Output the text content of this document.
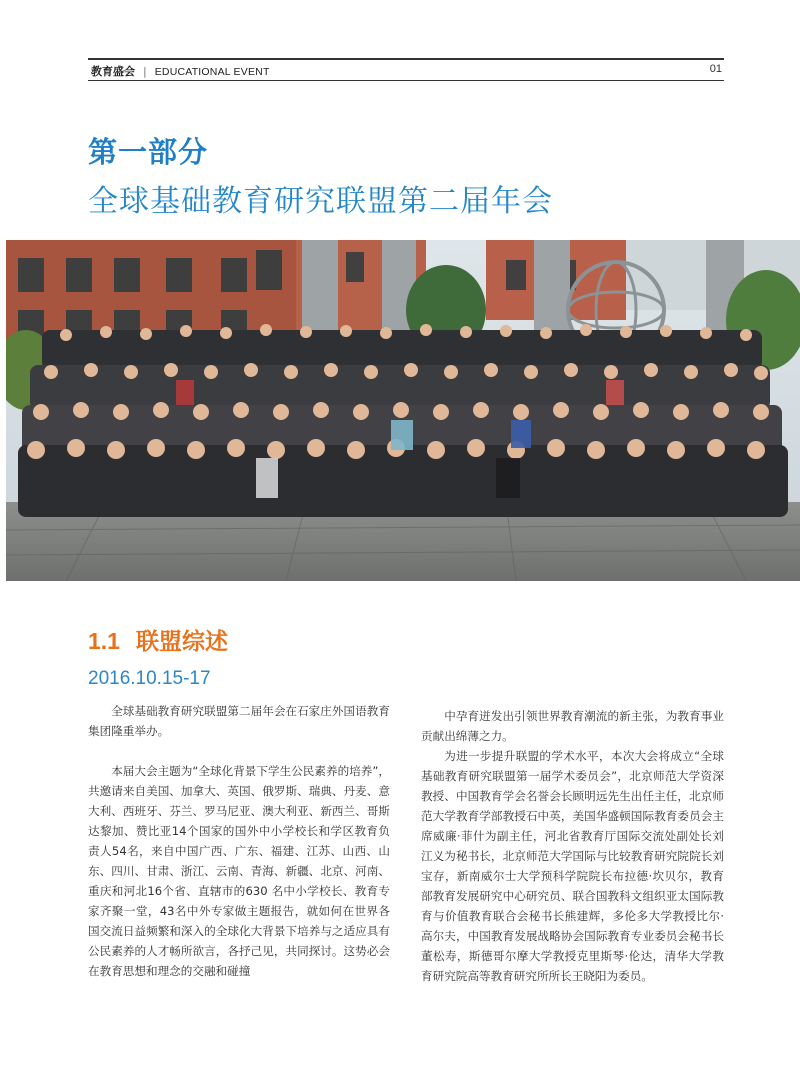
教育盛会 | EDUCATIONAL EVENT	01
第一部分
全球基础教育研究联盟第二届年会
1.1 联盟综述
2016.10.15-17

全球基础教育研究联盟第二届年会在石家庄外国语教育集团隆重举办。

本届大会主题为“全球化背景下学生公民素养的培养”，共邀请来自美国、加拿大、英国、俄罗斯、瑞典、丹麦、意大利、西班牙、芬兰、罗马尼亚、澳大利亚、新西兰、哥斯达黎加、赞比亚14个国家的国外中小学校长和学区教育负责人54名，来自中国广西、广东、福建、江苏、山西、山东、四川、甘肃、浙江、云南、青海、新疆、北京、河南、重庆和河北16个省、直辖市的630 名中小学校长、教育专家齐聚一堂，43名中外专家做主题报告，就如何在世界各国交流日益频繁和深入的全球化大背景下培养与之适应具有公民素养的人才畅所欲言，各抒己见，共同探讨。这势必会在教育思想和理念的交融和碰撞

中孕育迸发出引领世界教育潮流的新主张，为教育事业贡献出绵薄之力。

为进一步提升联盟的学术水平，本次大会将成立“全球基础教育研究联盟第一届学术委员会”，北京师范大学资深教授、中国教育学会名誉会长顾明远先生出任主任，北京师范大学教育学部教授石中英，美国华盛顿国际教育委员会主席威廉·菲什为副主任，河北省教育厅国际交流处副处长刘江义为秘书长，北京师范大学国际与比较教育研究院院长刘宝存，新南威尔士大学预科学院院长布拉德·坎贝尔，教育部教育发展研究中心研究员、联合国教科文组织亚太国际教育与价值教育联合会秘书长熊建辉，多伦多大学教授比尔·高尔夫，中国教育发展战略协会国际教育专业委员会秘书长董松寿，斯德哥尔摩大学教授克里斯琴·伦达，清华大学教育研究院高等教育研究所所长王晓阳为委员。
